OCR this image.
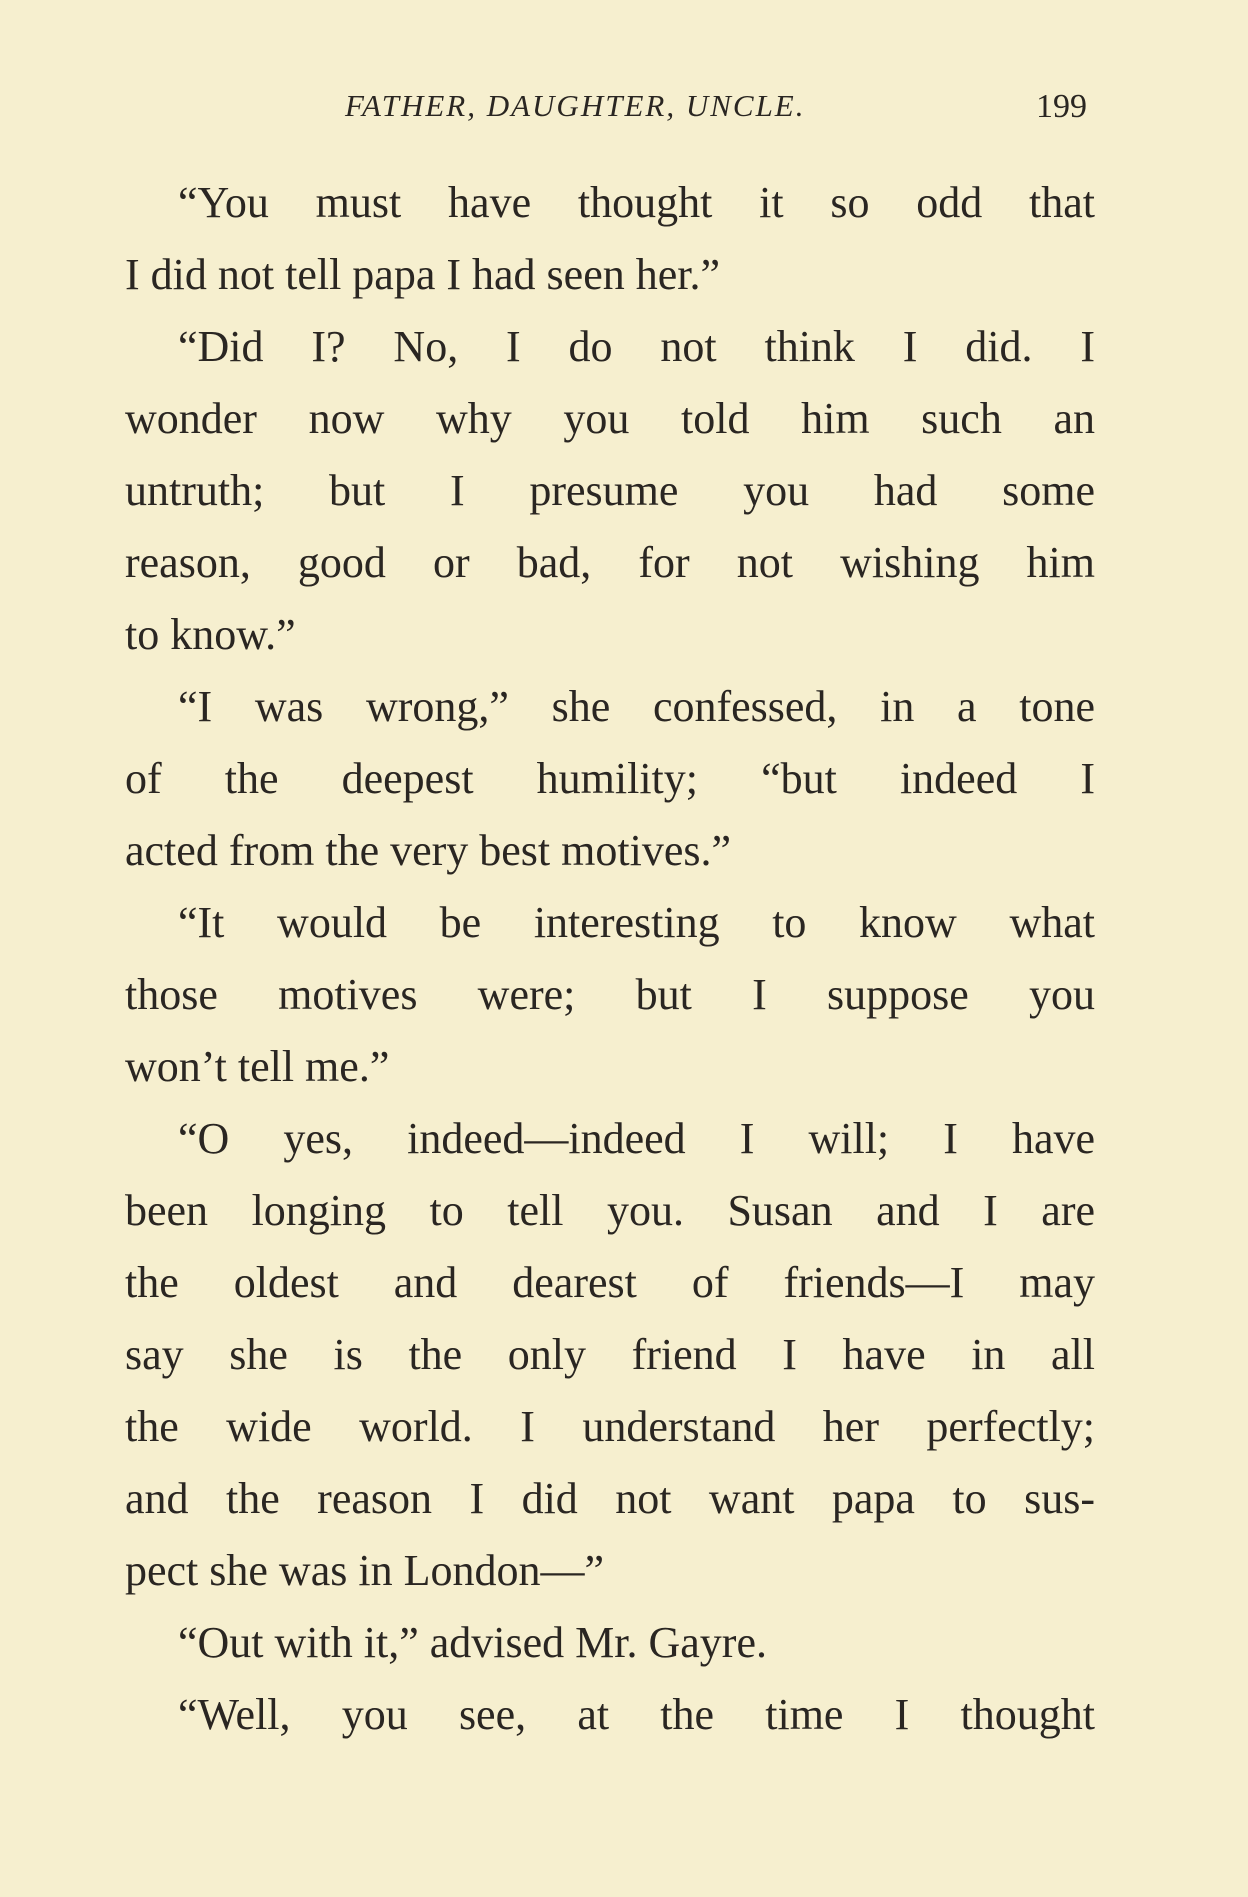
FATHER, DAUGHTER, UNCLE.	199
“You must have thought it so odd that
I did not tell papa I had seen her.”
“Did I? No, I do not think I did. I
wonder now why you told him such an
untruth; but I presume you had some
reason, good or bad, for not wishing him
to know.”
“I was wrong,” she confessed, in a tone
of the deepest humility; “but indeed I
acted from the very best motives.”
“It would be interesting to know what
those motives were; but I suppose you
won’t tell me.”
“O yes, indeed—indeed I will; I have
been longing to tell you. Susan and I are
the oldest and dearest of friends—I may
say she is the only friend I have in all
the wide world. I understand her perfectly;
and the reason I did not want papa to sus-
pect she was in London—”
“Out with it,” advised Mr. Gayre.
“Well, you see, at the time I thought
